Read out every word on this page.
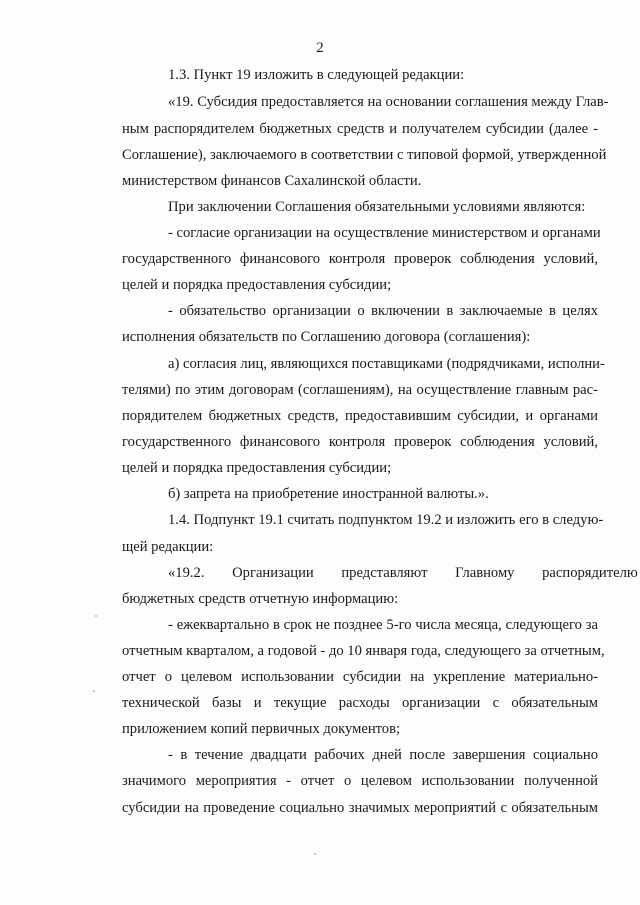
2
1.3. Пункт 19 изложить в следующей редакции:
«19. Субсидия предоставляется на основании соглашения между Глав-
ным распорядителем бюджетных средств и получателем субсидии (далее -
Соглашение), заключаемого в соответствии с типовой формой, утвержденной
министерством финансов Сахалинской области.
При заключении Соглашения обязательными условиями являются:
- согласие организации на осуществление министерством и органами
государственного финансового контроля проверок соблюдения условий,
целей и порядка предоставления субсидии;
- обязательство организации о включении в заключаемые в целях
исполнения обязательств по Соглашению договора (соглашения):
а) согласия лиц, являющихся поставщиками (подрядчиками, исполни-
телями) по этим договорам (соглашениям), на осуществление главным рас-
порядителем бюджетных средств, предоставившим субсидии, и органами
государственного финансового контроля проверок соблюдения условий,
целей и порядка предоставления субсидии;
б) запрета на приобретение иностранной валюты.».
1.4. Подпункт 19.1 считать подпунктом 19.2 и изложить его в следую-
щей редакции:
«19.2. Организации представляют Главному распорядителю
бюджетных средств отчетную информацию:
- ежеквартально в срок не позднее 5-го числа месяца, следующего за
отчетным кварталом, а годовой - до 10 января года, следующего за отчетным,
отчет о целевом использовании субсидии на укрепление материально-
технической базы и текущие расходы организации с обязательным
приложением копий первичных документов;
- в течение двадцати рабочих дней после завершения социально
значимого мероприятия - отчет о целевом использовании полученной
субсидии на проведение социально значимых мероприятий с обязательным
